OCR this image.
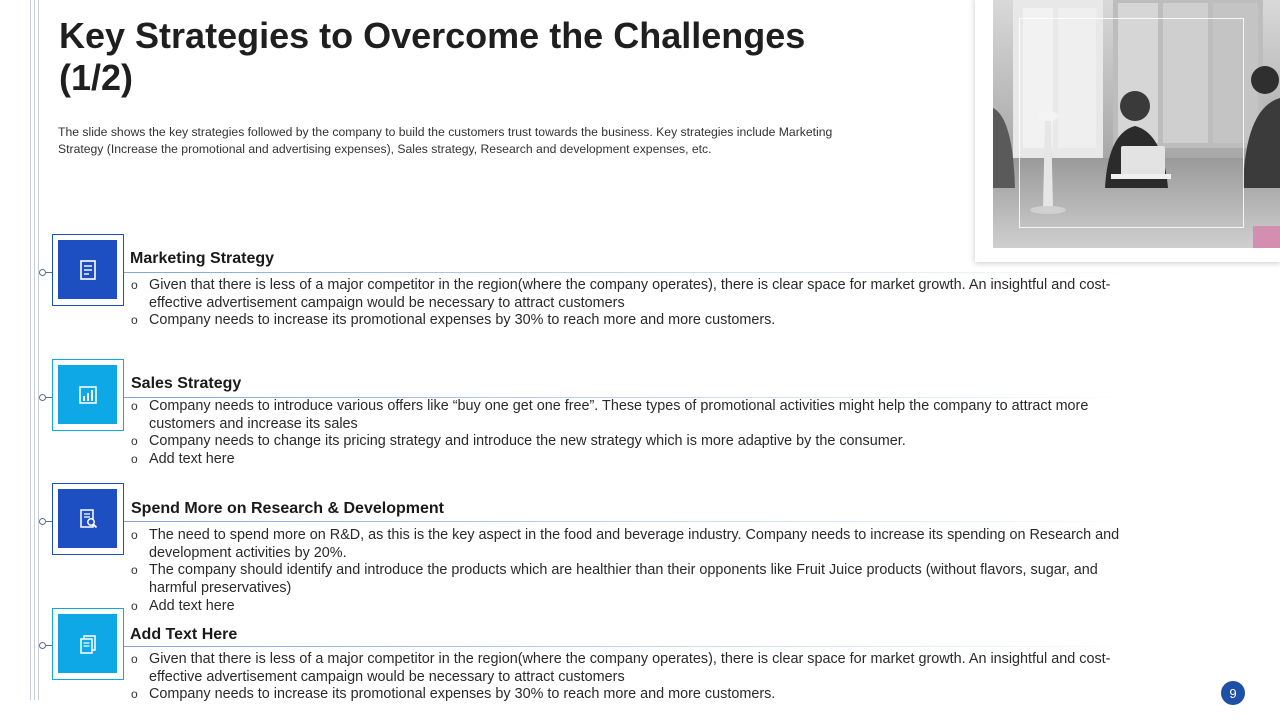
Key Strategies to Overcome the Challenges (1/2)
The slide shows the key strategies followed by the company to build the customers trust towards the business. Key strategies include Marketing Strategy (Increase the promotional and advertising expenses), Sales strategy, Research and development expenses, etc.
Marketing Strategy
o Given that there is less of a major competitor in the region(where the company operates), there is clear space for market growth. An insightful and cost-effective advertisement campaign would be necessary to attract customers
o Company needs to increase its promotional expenses by 30% to reach more and more customers.
Sales Strategy
o Company needs to introduce various offers like “buy one get one free”. These types of promotional activities might help the company to attract more customers and increase its sales
o Company needs to change its pricing strategy and introduce the new strategy which is more adaptive by the consumer.
o Add text here
Spend More on Research & Development
o The need to spend more on R&D, as this is the key aspect in the food and beverage industry. Company needs to increase its spending on Research and development activities by 20%.
o The company should identify and introduce the products which are healthier than their opponents like Fruit Juice products (without flavors, sugar, and harmful preservatives)
o Add text here
Add Text Here
o Given that there is less of a major competitor in the region(where the company operates), there is clear space for market growth. An insightful and cost-effective advertisement campaign would be necessary to attract customers
o Company needs to increase its promotional expenses by 30% to reach more and more customers.	9
